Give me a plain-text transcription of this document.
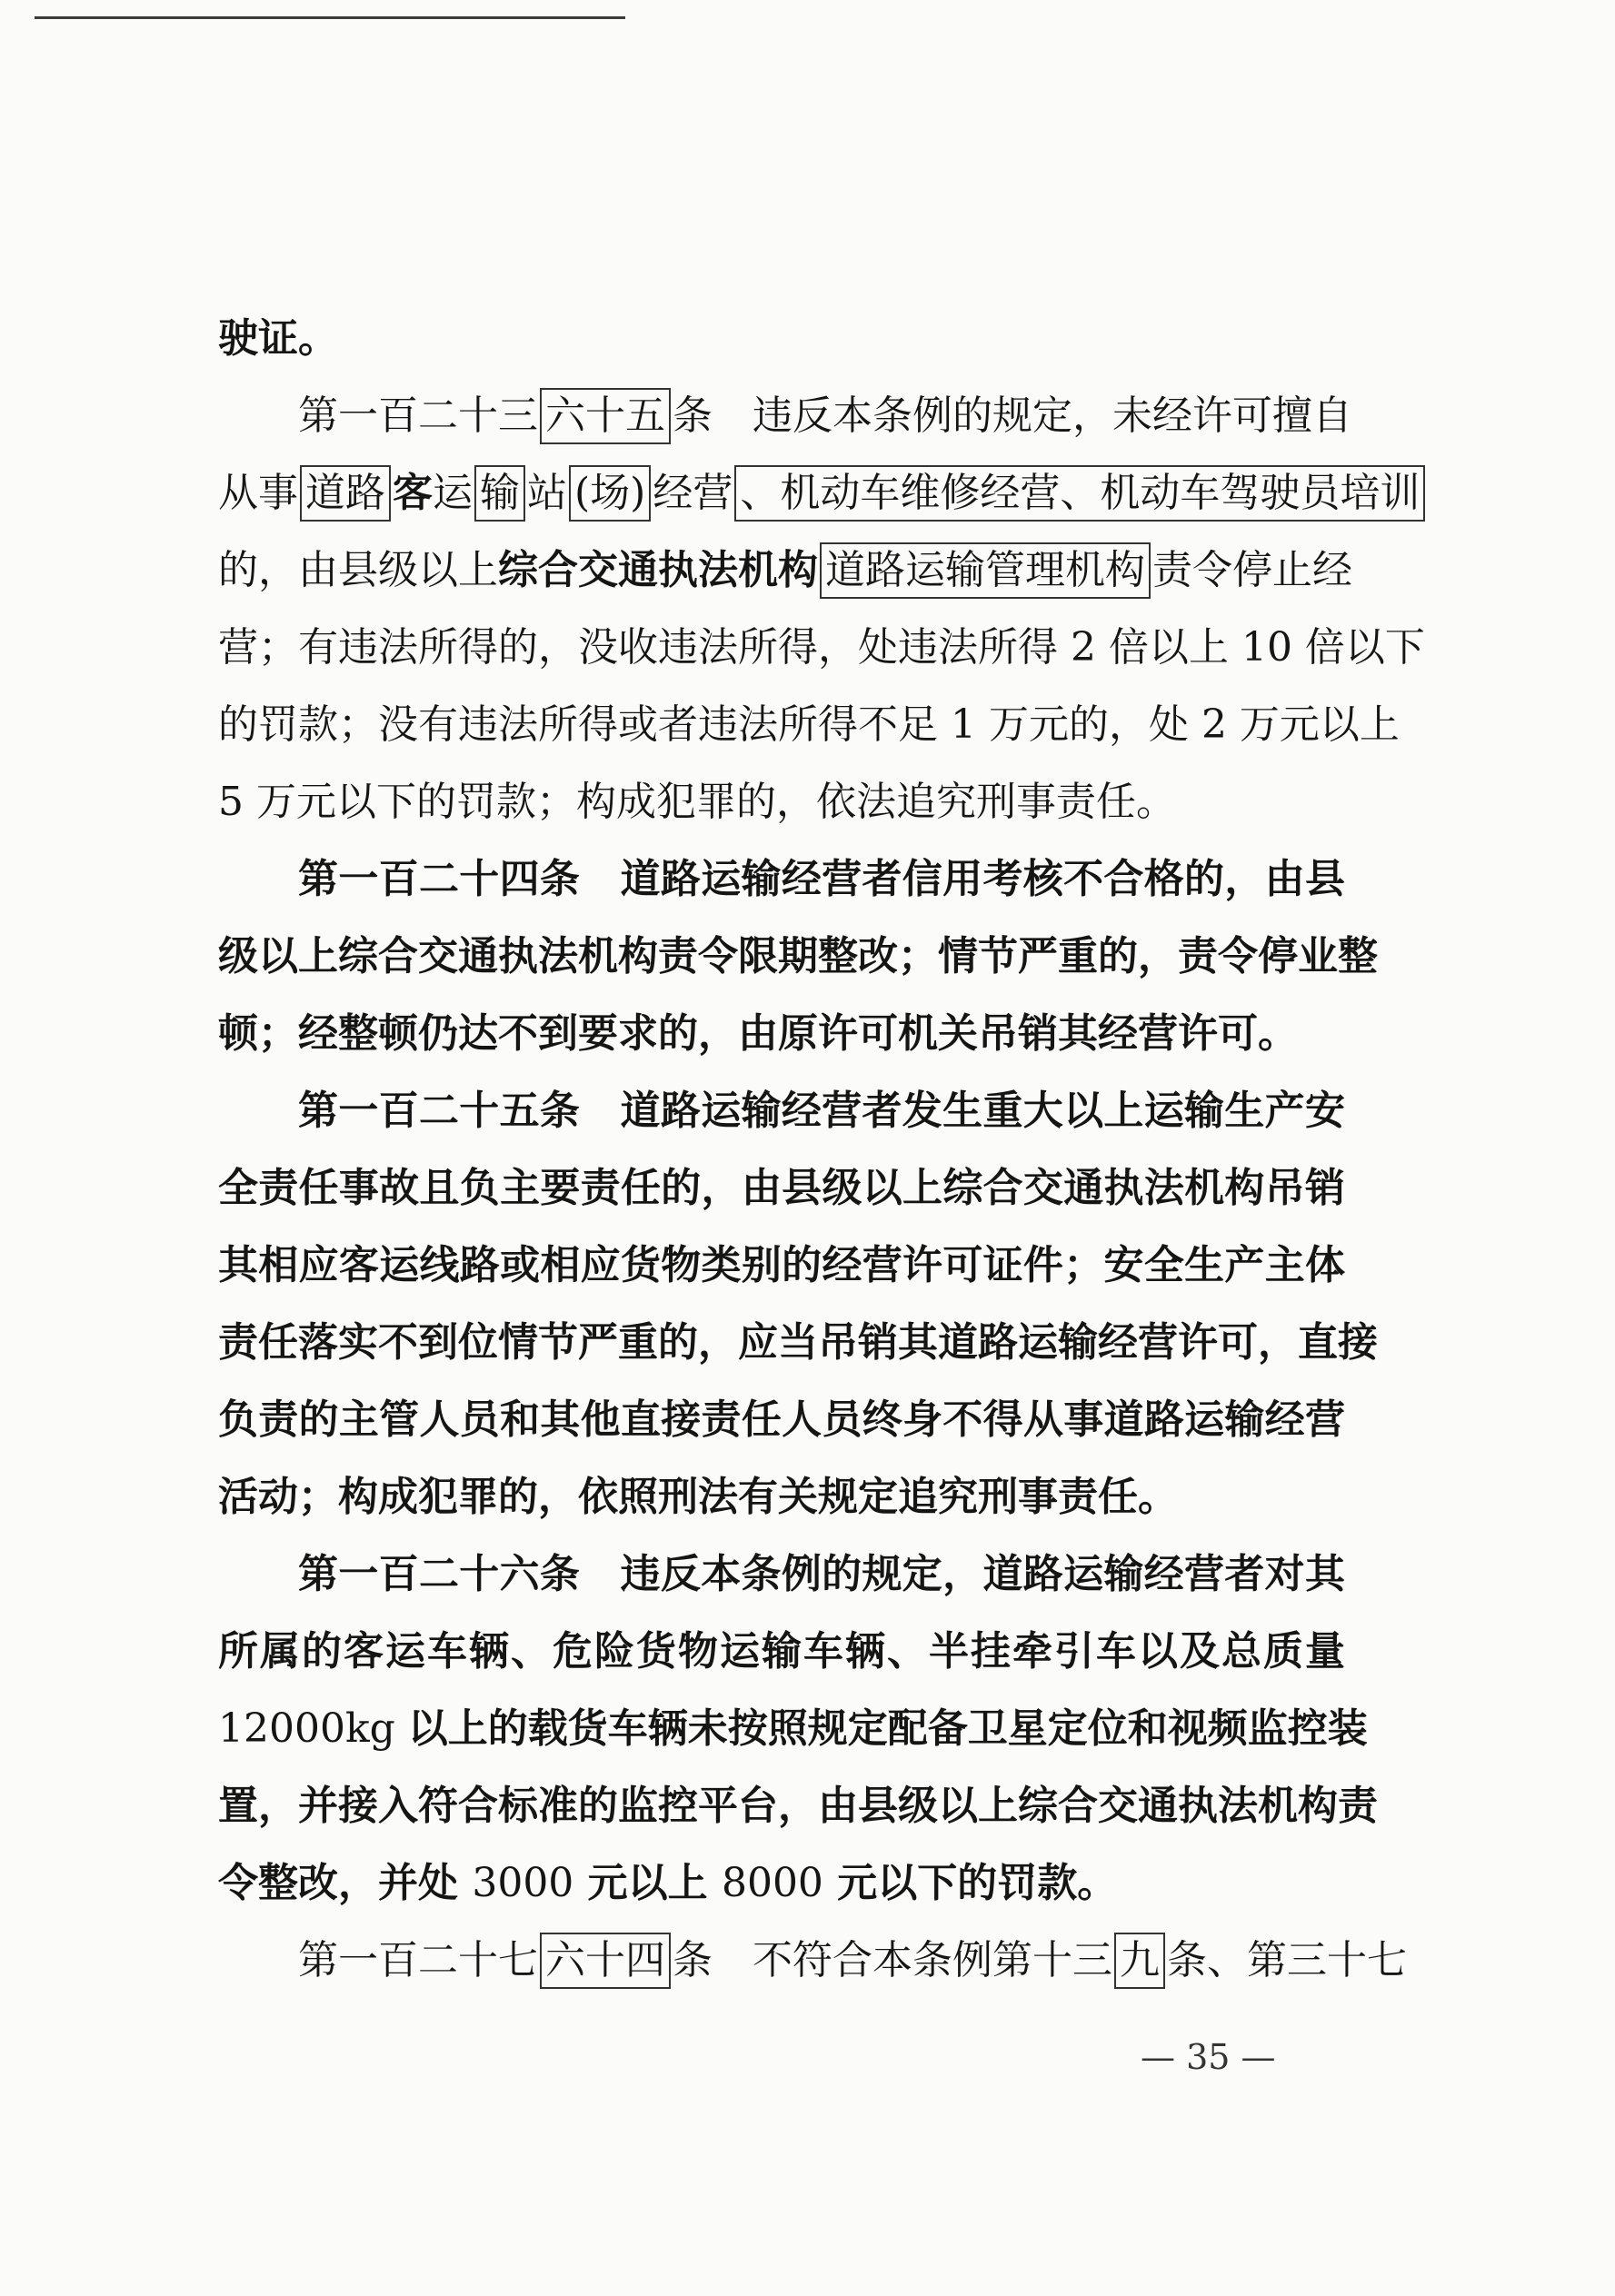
驶证。
第一百二十三 六十五 条　违反本条例的规定，未经许可擅自
从事 道路 客运 输 站 (场) 经营 、机动车维修经营、机动车驾驶员培训
的，由县级以上综合交通执法机构 道路运输管理机构 责令停止经
营；有违法所得的，没收违法所得，处违法所得 2 倍以上 10 倍以下
的罚款；没有违法所得或者违法所得不足 1 万元的，处 2 万元以上
5 万元以下的罚款；构成犯罪的，依法追究刑事责任。
第一百二十四条　道路运输经营者信用考核不合格的，由县
级以上综合交通执法机构责令限期整改；情节严重的，责令停业整
顿；经整顿仍达不到要求的，由原许可机关吊销其经营许可。
第一百二十五条　道路运输经营者发生重大以上运输生产安
全责任事故且负主要责任的，由县级以上综合交通执法机构吊销
其相应客运线路或相应货物类别的经营许可证件；安全生产主体
责任落实不到位情节严重的，应当吊销其道路运输经营许可，直接
负责的主管人员和其他直接责任人员终身不得从事道路运输经营
活动；构成犯罪的，依照刑法有关规定追究刑事责任。
第一百二十六条　违反本条例的规定，道路运输经营者对其
所属的客运车辆、危险货物运输车辆、半挂牵引车以及总质量
12000kg 以上的载货车辆未按照规定配备卫星定位和视频监控装
置，并接入符合标准的监控平台，由县级以上综合交通执法机构责
令整改，并处 3000 元以上 8000 元以下的罚款。
第一百二十七 六十四 条　不符合本条例第十三 九 条、第三十七
— 35 —
